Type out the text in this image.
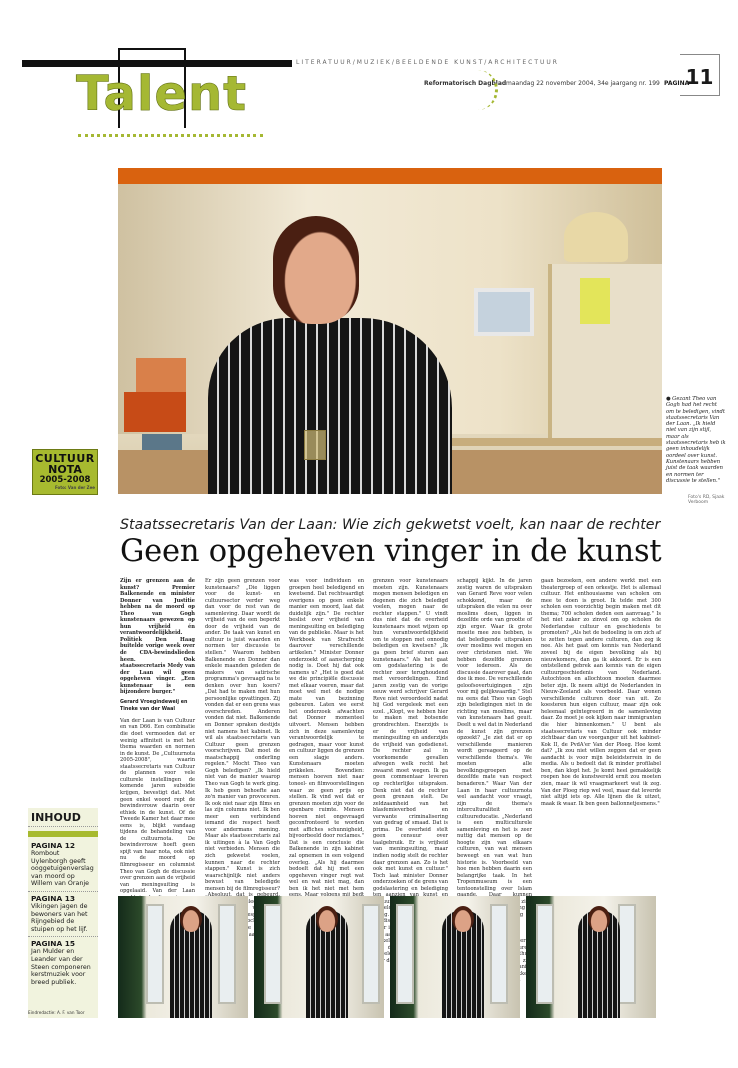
LITERATUUR/MUZIEK/BEELDENDE KUNST/ARCHITECTUUR
Talent	Reformatorisch Dagblad maandag 22 november 2004, 34e jaargang nr. 199 PAGINA
11
● Gezant Theo van Gogh had het recht om te beledigen, vindt staatssecretaris Van der Laan. „Ik hield niet van zijn stijl, maar als staatssecretaris heb ik geen inhoudelijk oordeel over kunst. Kunstenaars hebben juist de taak waarden en normen ter discussie te stellen."
Foto's RD, Sjaak Verboom
CULTUUR
NOTA
2005-2008
Foto: Van der Zee
Staatssecretaris Van der Laan: Wie zich gekwetst voelt, kan naar de rechter
Geen opgeheven vinger in de kunst

Zijn er grenzen aan de kunst? Premier Balkenende en minister Donner van Justitie hebben na de moord op Theo van Gogh kunstenaars gewezen op hun vrijheid én verantwoordelijkheid. Politiek Den Haag buitelde vorige week over de CDA-bewindslieden heen. Ook staatssecretaris Medy van der Laan wil geen opgeheven vinger. „Een kunstenaar is een bijzondere burger."

Gerard Vroegindeweij en
Tineke van der Waal

Van der Laan is van Cultuur en van D66. Een combinatie die doet vermoeden dat er weinig affiniteit is met het thema waarden en normen in de kunst. De „Cultuurnota 2005-2008", waarin staatssecretaris van Cultuur de plannen voor vele culturele instellingen de komende jaren subsidie krijgen, bevestigt dat. Met geen enkel woord rept de bewindsvrouw daarin over ethiek in de kunst. Of de Tweede Kamer het daar mee eens is, blijkt vandaag tijdens de behandeling van de cultuurnota. De bewindsvrouw hoeft geen spijt van haar nota, ook niet nu de moord op filmregisseur en columnist Theo van Gogh de discussie over grenzen aan de vrijheid van meningsuiting is opgelaaid. Van der Laan

Er zijn geen grenzen voor kunstenaars? „Die liggen voor de kunst- en cultuursector verder weg dan voor de rest van de samenleving. Daar wordt de vrijheid van de een beperkt door de vrijheid van de ander. De taak van kunst en cultuur is juist waarden en normen ter discussie te stellen." Waarom hebben Balkenende en Donner dan enkele maanden geleden de makers van satirische programma's gevraagd na te denken over hun koers? „Dat had te maken met hun persoonlijke opvattingen. Zij vonden dat er een grens was overschreden. Anderen vonden dat niet. Balkenende en Donner spraken destijds niet namens het kabinet. Ik wil als staatssecretaris van Cultuur geen grenzen voorschrijven. Dat moet de maatschappij onderling regelen." Mocht Theo van Gogh beledigen? „Ik hield niet van de manier waarop Theo van Gogh te werk ging. Ik heb geen behoefte aan zo'n manier van provoceren. Ik ook niet naar zijn films en las zijn columns niet. Ik ben meer een verbindend iemand die respect heeft voor andermans mening. Maar als staatssecretaris zal ik uitingen à la Van Gogh niet verbieden. Mensen die zich gekwetst voelen, kunnen naar de rechter stappen." Kunst is zich waarschijnlijk niet anders bewust van beledigde mensen bij de filmregisseur? is toch

was voor individuen en groepen heel beledigend en kwetsend. Dat rechtvaardigt overigens op geen enkele manier een moord, laat dat duidelijk zijn." De rechter beslist over vrijheid van meningsuiting en belediging van de publieke. Maar is het Werkboek van Strafrecht daarover verschillende artikelen." Minister Donner onderzoekt of aanscherping nodig is. Doet hij dat ook namens u? „Het is goed dat we die principiële discussie met elkaar voeren, maar dat moet wel met de nodige mate van bezinning gebeuren. Laten we eerst het onderzoek afwachten dat Donner momenteel uitvoert. Mensen hebben zich in deze samenleving verantwoordelijk te gedragen, maar voor kunst en cultuur liggen de grenzen een slagje anders. Kunstenaars moeten prikkelen. Bovendien: mensen hoeven niet naar toneel- en filmvoorstellingen waar ze geen prijs op stellen. Ik vind wel dat er grenzen moeten zijn voor de openbare ruimte. Mensen hoeven niet ongevraagd geconfronteerd te worden met affiches schunnigheid, bijvoorbeeld door reclames." Dat is een conclusie die Balkenende in zijn kabinet zal opnemen in een volgend overleg. „Als hij daarmee bedoelt dat hij met een opgeheven vinger regt wat wel en wat niet mag, dan ben ik het niet met hem

grenzen voor kunstenaars moeten zijn. Kunstenaars mogen mensen beledigen en degenen die zich beledigd voelen, mogen naar de rechter stappen." U vindt dus niet dat de overheid kunstenaars moet wijzen op hun verantwoordelijkheid om te stoppen met onnodig beledigen en kwetsen? „Ik ga geen brief sturen aan kunstenaars." Als het gaat om godslastering is de rechter zeer terughoudend met veroordelingen. Eind jaren zestig van de vorige eeuw werd schrijver Gerard Reve niet veroordeeld nadat hij God vergeleek met een ezel. „Klopt, we hebben hier te maken met botsende grondrechten. Enerzijds is er de vrijheid van meningsuiting en anderzijds de vrijheid van godsdienst. De rechter zal in voorkomende gevallen afwegen welk recht het zwaarst moet wegen. Ik ga geen commentaar leveren op rechterlijke uitspraken. Denk niet dat de rechter geen grenzen stelt. De zeldzaamheid van het blasfemieverbod en verwante criminalisering van gedrag of smaad. Dat is prima. De overheid stelt geen censuur over taalgebruik. Er is vrijheid van meningsuiting, maar indien nodig stelt de rechter daar grenzen aan. Zo is het ook met kunst en cultuur." Toch laat minister Donner onderzoeken of de grens van godslastering en belediging

schappij kijkt. In de jaren zestig waren de uitspraken van Gerard Reve voor velen schokkend, maar de uitspraken die velen nu over moslims doen, liggen in dezelfde orde van grootte of zijn erger. Waar ik grote moeite mee zou hebben, is dat beledigende uitspraken over moslims wel mogen en over christenen niet. We hebben dezelfde grenzen voor iedereen. Als de discussie daarover gaat, dan doe ik mee. De verschillende geloofsovertuigingen zijn voor mij gelijkwaardig." Stel nu eens dat Theo van Gogh zijn beledigingen niet in de richting van moslims, maar van kunstenaars had geuit. Deelt u wel dat in Nederland de kunst zijn grenzen opzoekt? „Je ziet dat er op verschillende manieren wordt gereageerd op de verschillende thema's. We moeten alle bevolkingsgroepen met dezelfde mate van respect benaderen." Waar Van der Laan in haar cultuurnota wel aandacht voor vraagt, zijn de thema's interculturaliteit en cultuureducatie. „Nederland is een multiculturele samenleving en het is zeer nuttig dat mensen op de hoogte zijn van elkaars culturen, van wat mensen beweegt en van wat hun historie is. Voorbeeld van hoe men hebben daarin een belangrijke taak. In het Tropenmuseum is een tentoonstelling over Islam kunnen jongeren culturele manier

gaan bezoeken, een andere werkt met een theatergroep of een orkestje. Het is allemaal cultuur. Het enthousiasme van scholen om mee te doen is groot. Ik telde met 300 scholen een voorzichtig begin maken met dit thema; 700 scholen deden een aanvraag." Is het niet zaker zo zinvol om op scholen de Nederlandse cultuur en geschiedenis te promoten? „Als het de bedoeling is om zich af te zetten tegen andere culturen, dan zeg ik nee. Als het gaat om kennis van Nederland zoveel bij de eigen bevolking als bij nieuwkomers, dan ga ik akkoord. Er is een ontstellend gebrek aan kennis van de eigen cultuurgeschiedenis van Nederland. Autochtoon en allochtoon moeten daarmee beter zijn. Ik neem altijd de Nederlanden in Nieuw-Zeeland als voorbeeld. Daar wonen verschillende culturen door van uit. Ze koesteren hun eigen cultuur, maar zijn ook heleenaal geïntegreerd in de samenleving daar. Zo moet je ook kijken naar immigranten die hier binnenkomen." U bent als staatssecretaris van Cultuur ook minder zichtbaar dan uw voorganger uit het kabinet-Kok II, de PvdA'er Van der Ploeg. Hoe komt dat? „Ik zou niet willen zeggen dat er geen aandacht is voor mijn beleidsterrein in de media. Als u bedoelt dat ik minder profilabel ben, dan klopt het. Je komt heel gemakkelijk roepen hoe de kunstwereld ernit zou moeten zien, maar ik wil vraagmarkeert wat ik zeg. Van der Ploeg riep wel veel, maar dat leverde niet altijd iets op. Alle lijnen die ik uitzet, maak ik waar. Ik ben geen ballonnetjesmens."

INHOUD
PAGINA 12
Rombout Uylenborgh geeft ooggetuigenverslag van moord op Willem van Oranje
PAGINA 13
Vikingen jagen de bewoners van het Rijngebied de stuipen op het lijf.
PAGINA 15
Jan Mulder en Leander van der Steen componeren kerstmuziek voor breed publiek.
Eindredactie: A. F. van Toor
